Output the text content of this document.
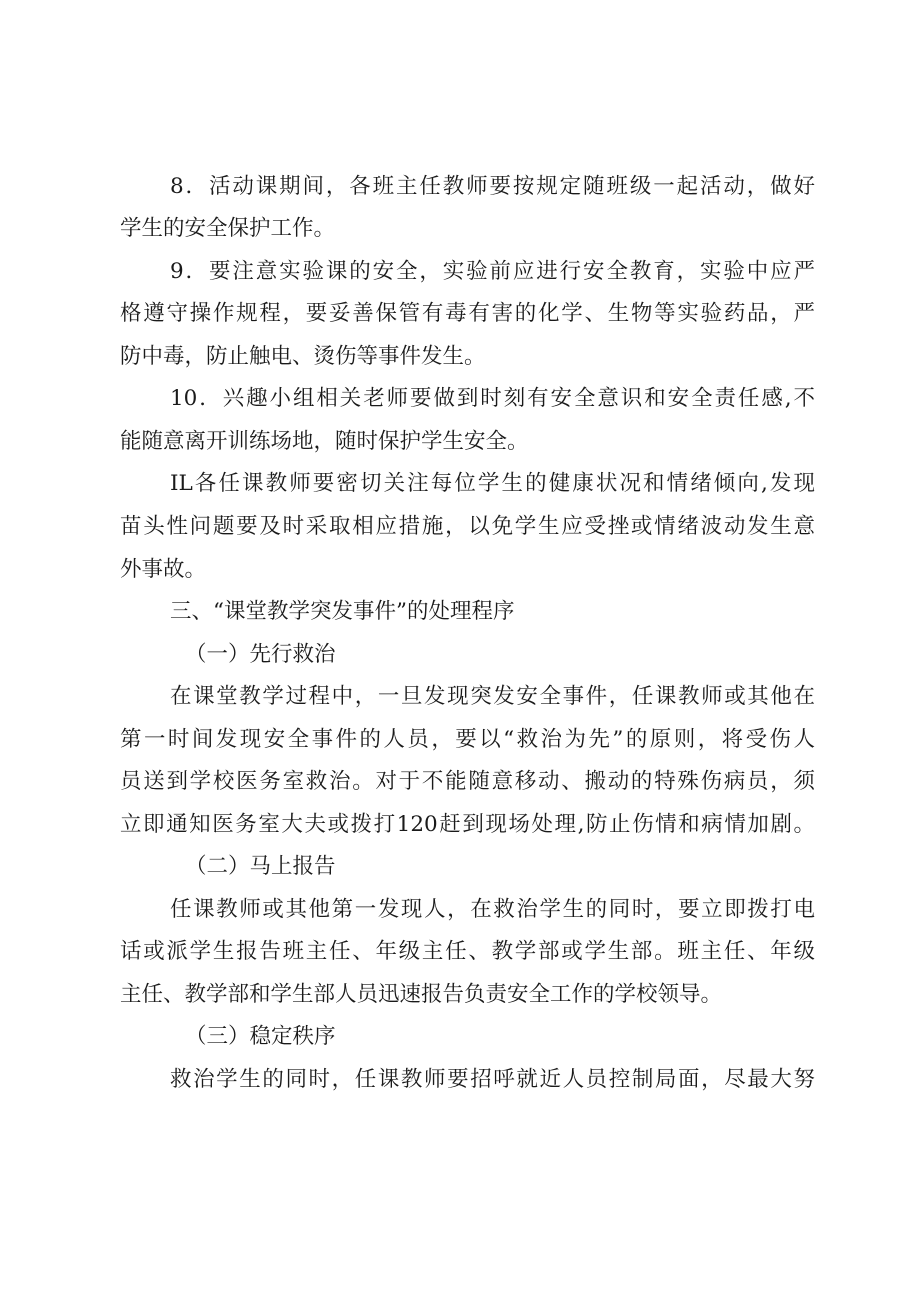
8．活动课期间，各班主任教师要按规定随班级一起活动，做好
学生的安全保护工作。
9．要注意实验课的安全，实验前应进行安全教育，实验中应严
格遵守操作规程，要妥善保管有毒有害的化学、生物等实验药品，严
防中毒，防止触电、烫伤等事件发生。
10．兴趣小组相关老师要做到时刻有安全意识和安全责任感,不
能随意离开训练场地，随时保护学生安全。
IL各任课教师要密切关注每位学生的健康状况和情绪倾向,发现
苗头性问题要及时采取相应措施，以免学生应受挫或情绪波动发生意
外事故。
三、“课堂教学突发事件”的处理程序
（一）先行救治
在课堂教学过程中，一旦发现突发安全事件，任课教师或其他在
第一时间发现安全事件的人员，要以“救治为先”的原则，将受伤人
员送到学校医务室救治。对于不能随意移动、搬动的特殊伤病员，须
立即通知医务室大夫或拨打120赶到现场处理,防止伤情和病情加剧。
（二）马上报告
任课教师或其他第一发现人，在救治学生的同时，要立即拨打电
话或派学生报告班主任、年级主任、教学部或学生部。班主任、年级
主任、教学部和学生部人员迅速报告负责安全工作的学校领导。
（三）稳定秩序
救治学生的同时，任课教师要招呼就近人员控制局面，尽最大努
